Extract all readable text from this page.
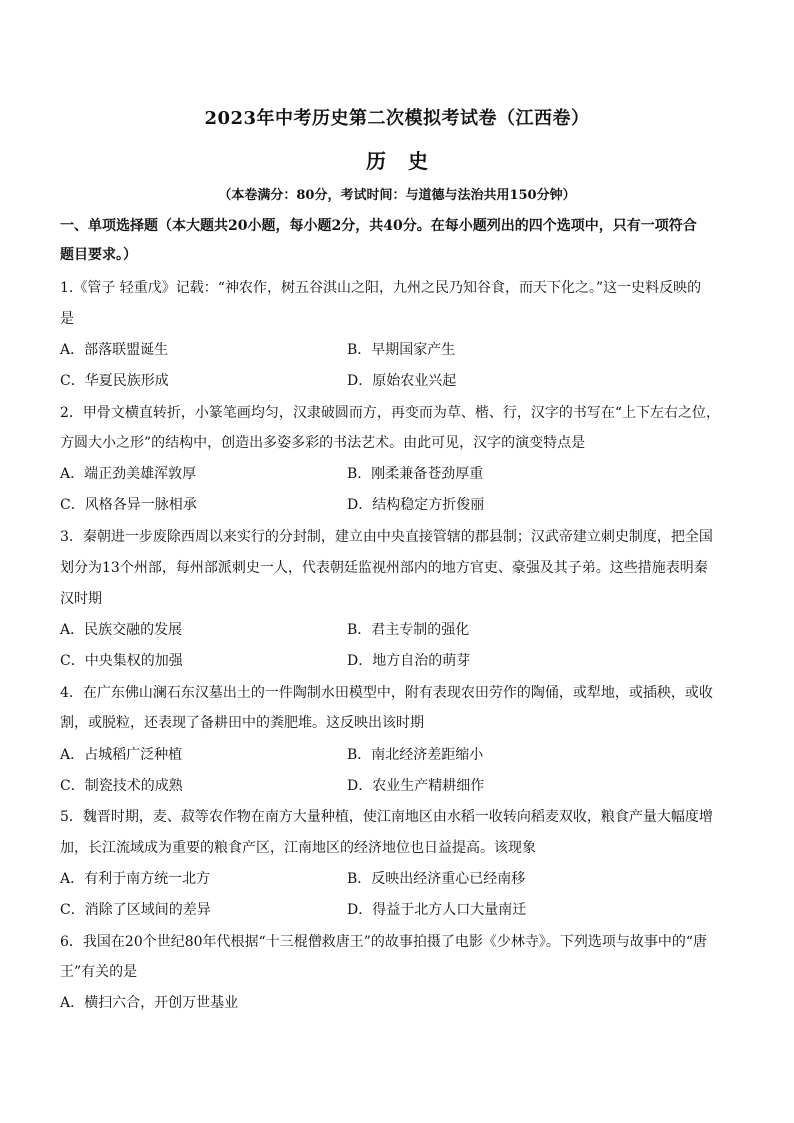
2023年中考历史第二次模拟考试卷（江西卷）
历史
（本卷满分：80分，考试时间：与道德与法治共用150分钟）
一、单项选择题（本大题共20小题，每小题2分，共40分。在每小题列出的四个选项中，只有一项符合
题目要求。）
1.《管子 轻重戊》记载：“神农作，树五谷淇山之阳，九州之民乃知谷食，而天下化之。”这一史料反映的
是
A．部落联盟诞生	B．早期国家产生
C．华夏民族形成	D．原始农业兴起
2．甲骨文横直转折，小篆笔画均匀，汉隶破圆而方，再变而为草、楷、行，汉字的书写在“上下左右之位，
方圆大小之形”的结构中，创造出多姿多彩的书法艺术。由此可见，汉字的演变特点是
A．端正劲美雄浑敦厚	B．刚柔兼备苍劲厚重
C．风格各异一脉相承	D．结构稳定方折俊丽
3．秦朝进一步废除西周以来实行的分封制，建立由中央直接管辖的郡县制；汉武帝建立刺史制度，把全国
划分为13个州部，每州部派刺史一人，代表朝廷监视州部内的地方官吏、豪强及其子弟。这些措施表明秦
汉时期
A．民族交融的发展	B．君主专制的强化
C．中央集权的加强	D．地方自治的萌芽
4．在广东佛山澜石东汉墓出土的一件陶制水田模型中，附有表现农田劳作的陶俑，或犁地，或插秧，或收
割，或脱粒，还表现了备耕田中的粪肥堆。这反映出该时期
A．占城稻广泛种植	B．南北经济差距缩小
C．制瓷技术的成熟	D．农业生产精耕细作
5．魏晋时期，麦、菽等农作物在南方大量种植，使江南地区由水稻一收转向稻麦双收，粮食产量大幅度增
加，长江流域成为重要的粮食产区，江南地区的经济地位也日益提高。该现象
A．有利于南方统一北方	B．反映出经济重心已经南移
C．消除了区域间的差异	D．得益于北方人口大量南迁
6．我国在20个世纪80年代根据“十三棍僧救唐王”的故事拍摄了电影《少林寺》。下列选项与故事中的“唐
王”有关的是
A．横扫六合，开创万世基业
